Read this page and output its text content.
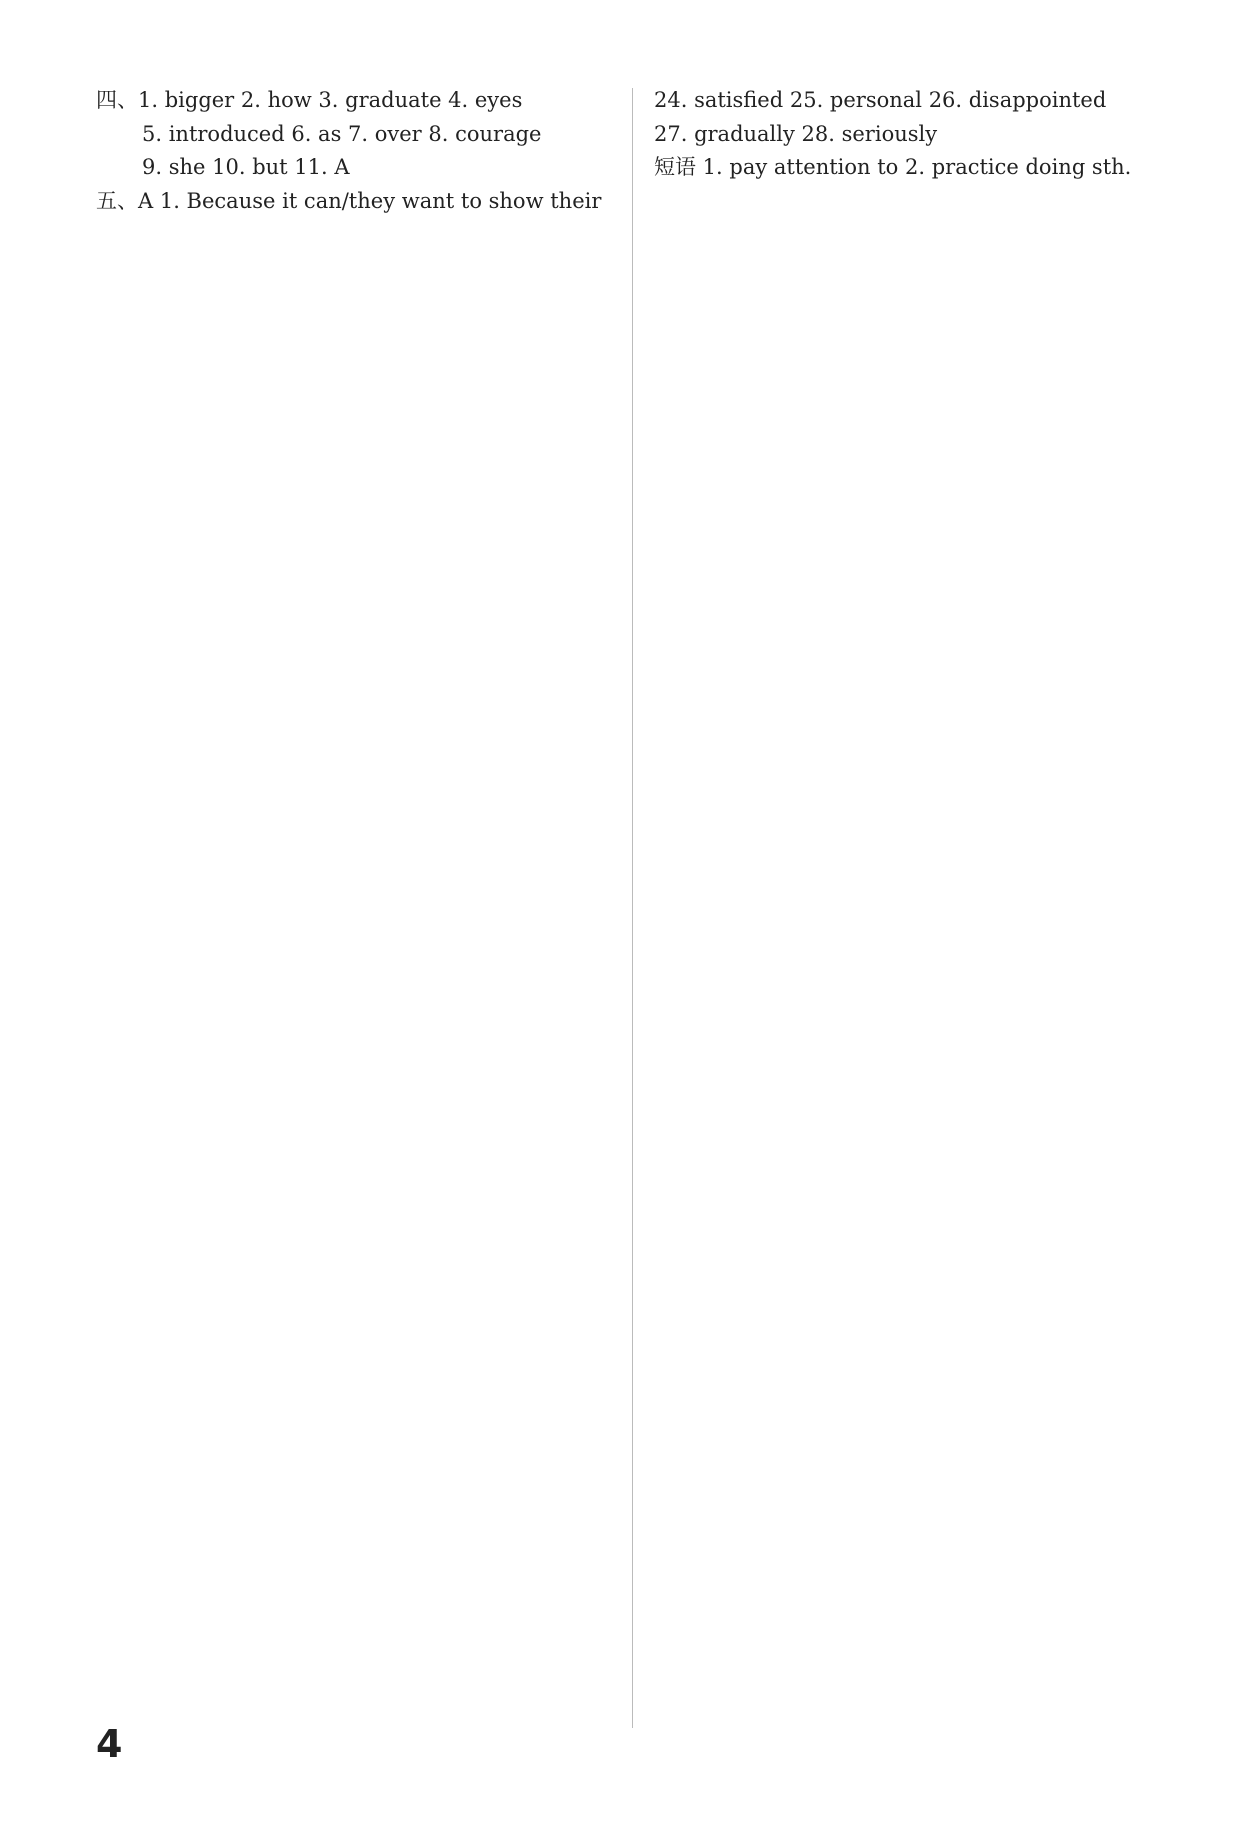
四、1. bigger 2. how 3. graduate 4. eyes
5. introduced 6. as 7. over 8. courage
9. she 10. but 11. A
五、A 1. Because it can/they want to show their
24. satisfied 25. personal 26. disappointed
27. gradually 28. seriously
短语 1. pay attention to 2. practice doing sth.
4
